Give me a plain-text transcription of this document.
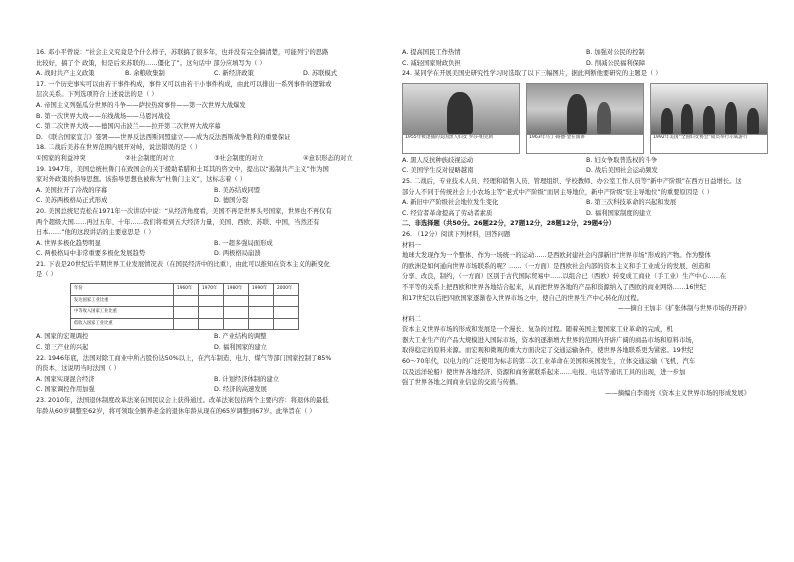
16. 邓小平曾说：“社会主义究竟是个什么样子，苏联搞了很多年，也并没有完全搞清楚，可能列宁的思路
比较好，搞了个 政策，但是后来苏联的……僵化了”。这句话中 部分应填写为（ ）
A. 战时共产主义政策	B. 余粮收集制	C. 新经济政策	D. 苏联模式
17. 一个历史事实可以由若干事件构成，事件又可以由若干小事件构成，由此可以排出一系列事件的逻辑或
层次关系。下列选项符合上述说法的是（ ）
A. 帝国主义列强瓜分世界的斗争——萨拉热窝事件——第一次世界大战爆发
B. 第一次世界大战——东线战场——马恩河战役
C. 第二次世界大战——德国闪击波兰——拉开第二次世界大战序幕
D. 《联合国家宣言》签署——世界反法西斯同盟建立——成为反法西斯战争胜利的重要保证
18. 二战后美苏在世界范围内展开对峙，说法错误的是（ ）
①国家的利益冲突	②社会制度的对立	③社会制度的对立	④意识形态的对立
19. 1947年，美国总统杜鲁门在致国会的关于援助希腊和土耳其的咨文中，提出以“遏制共产主义”作为国
家对外政策的指导思想。该指导思想也被称为“杜鲁门主义”，这标志着（ ）
A. 美国拉开了冷战的序幕	B. 美苏结成同盟
C. 美苏两极格局正式形成	D. 德国分裂
20. 美国总统尼克松在1971年一次讲话中说：“从经济角度看，美国不再是世界头号国家，世界也不再仅有
两个超级大国……再过五年、十年……我们将看到五大经济力量，美国、西欧、苏联、中国，当然还有
日本……”他的这段讲话的主要意思是（ ）
A. 世界多极化趋势明显	B. 一超多强局面形成
C. 两极格局中非常重要多极化发展趋势	D. 两极格局崩溃
21. 下表是20世纪后半期世界工业发展情况表（在国民经济中的比重），由此可以推知在资本主义的新变化
是（ ）
年份	1960年	1970年	1980年	1990年	2000年
发达国家工业比重					
中等收入国家工业比重					
低收入国家工业比重					
A. 国家的宏观调控	B. 产业结构的调整
C. 第三产业的兴起	D. 福利国家的建立
22. 1946年底，法国对除工商业中所占股份达50%以上，在汽车制造、电力、煤气等部门国家控制了85%
的资本，这说明当时法国（ ）
A. 国家实现混合经济	B. 计划经济体制的建立
C. 国家调控作用加强	D. 经济的高速发展
23. 2010年，法国退休制度改革法案在国民议会上获得通过。改革法案包括两个主要内容：将退休的最低
年龄从60岁调整至62岁，将可领取全额养老金的退休年龄从现在的65岁调整到67岁。此举旨在（ ）
A. 提高国民工作热情	B. 加强对公民的控制
C. 减轻国家财政负担	D. 削减公民福利保障
24. 某同学在开展美国史研究性学习时选取了以下三幅图片，据此判断他要研究的主题是（ ）
1955年被逮捕的美国黑人妇女 罗莎·帕克斯	1963年马丁·路德·金在演讲	1992年美国“全国妇女协会”成员举行示威游行
A. 黑人反抗种族歧视运动	B. 妇女争取普选权的斗争
C. 美国学生反对侵略越南	D. 战后美国社会运动频发
25. 二战后，专业技术人员、经理和销售人员、管理组织、学校教师、办公室工作人员等“新中产阶级”在西方日益增长。这
部分人不同于传统社会上小农场主等“老式中产阶级”而居主导地位，新中产阶级“驻主导地位”的重要原因是（ ）
A. 新旧中产阶级社会地位发生变化	B. 第三次科技革命的兴起和发展
C. 经营者革命提高了劳动者素质	D. 福利国家制度的建立
二、非选择题（共50分。26题22分，27题12分，28题12分，29题4分）
26. （12分）阅读下列材料，回答问题
材料一
地球大发现作为一个整体、作为一场统一的运动……是西欧封建社会内部新旧“世界市场”形成的产物。作为整体
的欧洲是如何通向世界市场联系的呢？……（一方面）是西欧社会内部的资本主义和手工业成分的发展、创造和
分享、改良，制约，（一方面）区别于古代国际贸易中……以组合已（西欧）转变成工商业（手工业）生产中心……在
不平等的关系上把西欧和世界各地结合起来，从而把世界各地的产品和资源纳入了西欧的商业网络……16世纪
和17世纪以后把四欧国家逐渐卷入世界市场之中，使自己的世界生产中心转化的过程。
——摘自王加丰《扩张体制与世界市场的开辟》
材料二
资本主义世界市场的形成和发展是一个漫长、复杂的过程。随着英国主要国家工业革命的完成，机
器大工业生产的产品大规模进入国际市场，资本的逐渐增大世界的范围内开辟广阔的商品市场和原料市场，
取得稳定的原料来源。而宏观和微观的重大方面决定了交通运输条件，使世界各地联系更为紧密。19世纪
60～70年代，以电力的广泛使用为标志的第二次工业革命在美国和英国发生，立体交通运输（飞机、汽车
以及远洋轮船）使世界各地经济、资源和商务紧联系起来……电报、电话等通讯工具的出现，进一步加
强了世界各地之间商业信息的交流与传播。
——摘编自李南亮《资本主义世界市场的形成发展》
